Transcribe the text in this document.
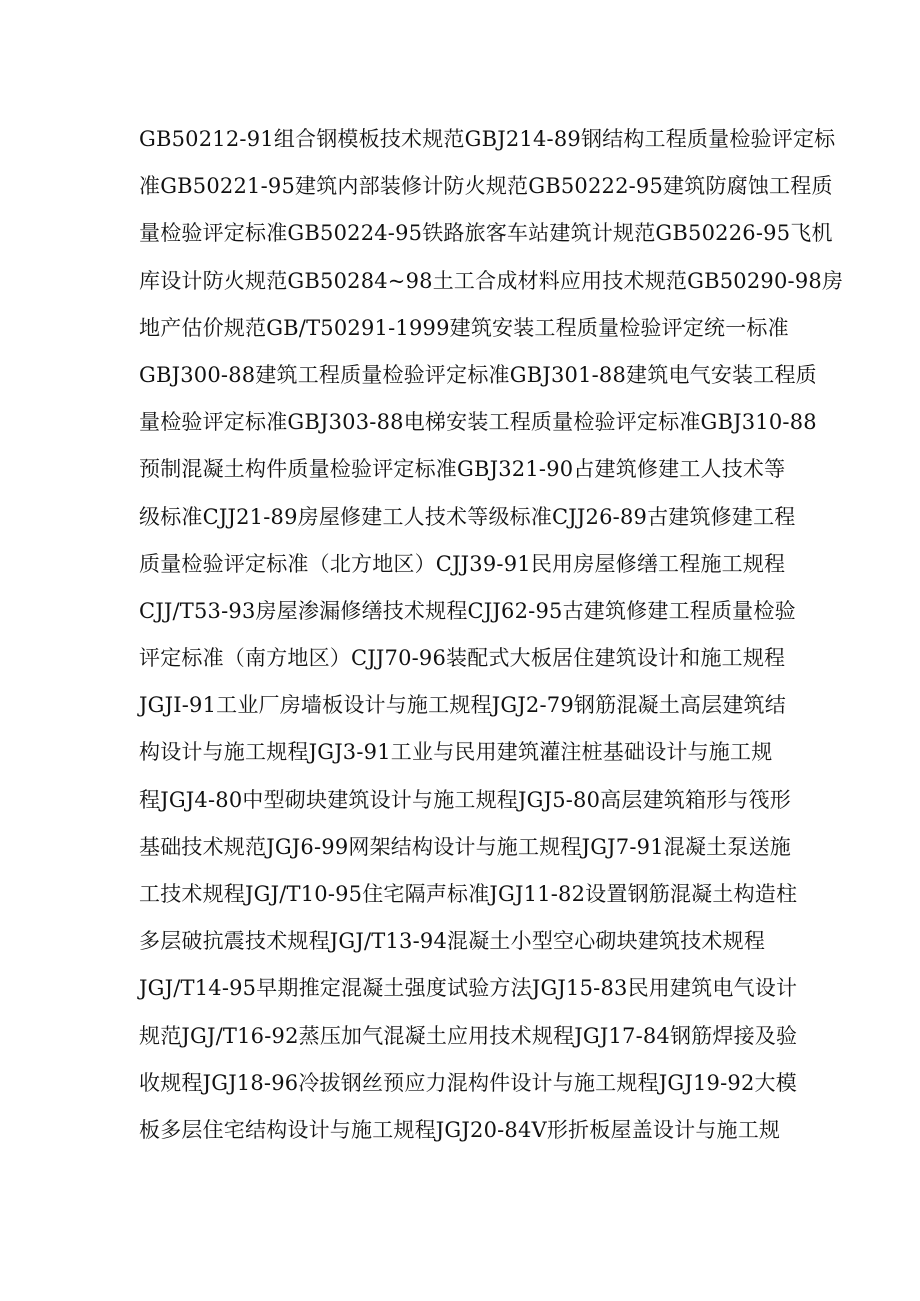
GB50212-91组合钢模板技术规范GBJ214-89钢结构工程质量检验评定标
准GB50221-95建筑内部装修计防火规范GB50222-95建筑防腐蚀工程质
量检验评定标准GB50224-95铁路旅客车站建筑计规范GB50226-95飞机
库设计防火规范GB50284~98土工合成材料应用技术规范GB50290-98房
地产估价规范GB/T50291-1999建筑安装工程质量检验评定统一标准
GBJ300-88建筑工程质量检验评定标准GBJ301-88建筑电气安装工程质
量检验评定标准GBJ303-88电梯安装工程质量检验评定标准GBJ310-88
预制混凝土构件质量检验评定标准GBJ321-90占建筑修建工人技术等
级标准CJJ21-89房屋修建工人技术等级标准CJJ26-89古建筑修建工程
质量检验评定标准（北方地区）CJJ39-91民用房屋修缮工程施工规程
CJJ/T53-93房屋渗漏修缮技术规程CJJ62-95古建筑修建工程质量检验
评定标准（南方地区）CJJ70-96装配式大板居住建筑设计和施工规程
JGJI-91工业厂房墙板设计与施工规程JGJ2-79钢筋混凝土高层建筑结
构设计与施工规程JGJ3-91工业与民用建筑灌注桩基础设计与施工规
程JGJ4-80中型砌块建筑设计与施工规程JGJ5-80高层建筑箱形与筏形
基础技术规范JGJ6-99网架结构设计与施工规程JGJ7-91混凝土泵送施
工技术规程JGJ/T10-95住宅隔声标准JGJ11-82设置钢筋混凝土构造柱
多层破抗震技术规程JGJ/T13-94混凝土小型空心砌块建筑技术规程
JGJ/T14-95早期推定混凝土强度试验方法JGJ15-83民用建筑电气设计
规范JGJ/T16-92蒸压加气混凝土应用技术规程JGJ17-84钢筋焊接及验
收规程JGJ18-96冷拔钢丝预应力混构件设计与施工规程JGJ19-92大模
板多层住宅结构设计与施工规程JGJ20-84V形折板屋盖设计与施工规
